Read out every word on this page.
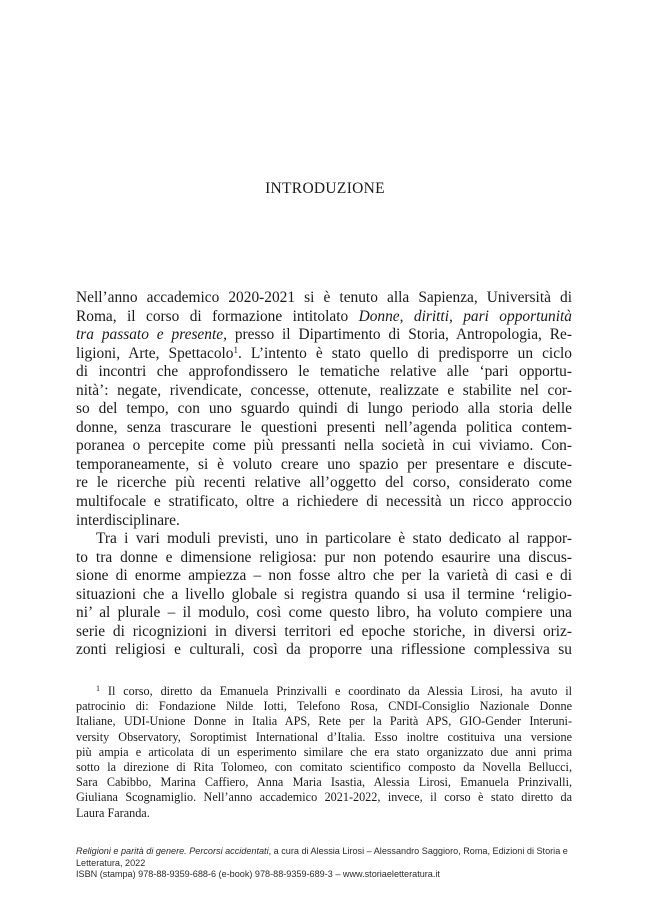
INTRODUZIONE
Nell’anno accademico 2020-2021 si è tenuto alla Sapienza, Università di
Roma, il corso di formazione intitolato Donne, diritti, pari opportunità
tra passato e presente, presso il Dipartimento di Storia, Antropologia, Re-
ligioni, Arte, Spettacolo$^1$. L’intento è stato quello di predisporre un ciclo
di incontri che approfondissero le tematiche relative alle ‘pari opportu-
nità’: negate, rivendicate, concesse, ottenute, realizzate e stabilite nel cor-
so del tempo, con uno sguardo quindi di lungo periodo alla storia delle
donne, senza trascurare le questioni presenti nell’agenda politica contem-
poranea o percepite come più pressanti nella società in cui viviamo. Con-
temporaneamente, si è voluto creare uno spazio per presentare e discute-
re le ricerche più recenti relative all’oggetto del corso, considerato come
multifocale e stratificato, oltre a richiedere di necessità un ricco approccio
interdisciplinare.
Tra i vari moduli previsti, uno in particolare è stato dedicato al rappor-
to tra donne e dimensione religiosa: pur non potendo esaurire una discus-
sione di enorme ampiezza – non fosse altro che per la varietà di casi e di
situazioni che a livello globale si registra quando si usa il termine ‘religio-
ni’ al plurale – il modulo, così come questo libro, ha voluto compiere una
serie di ricognizioni in diversi territori ed epoche storiche, in diversi oriz-
zonti religiosi e culturali, così da proporre una riflessione complessiva su
$^1$ Il corso, diretto da Emanuela Prinzivalli e coordinato da Alessia Lirosi, ha avuto il
patrocinio di: Fondazione Nilde Iotti, Telefono Rosa, CNDI-Consiglio Nazionale Donne
Italiane, UDI-Unione Donne in Italia APS, Rete per la Parità APS, GIO-Gender Interuni-
versity Observatory, Soroptimist International d’Italia. Esso inoltre costituiva una versione
più ampia e articolata di un esperimento similare che era stato organizzato due anni prima
sotto la direzione di Rita Tolomeo, con comitato scientifico composto da Novella Bellucci,
Sara Cabibbo, Marina Caffiero, Anna Maria Isastia, Alessia Lirosi, Emanuela Prinzivalli,
Giuliana Scognamiglio. Nell’anno accademico 2021-2022, invece, il corso è stato diretto da
Laura Faranda.
Religioni e parità di genere. Percorsi accidentati, a cura di Alessia Lirosi – Alessandro Saggioro, Roma, Edizioni di Storia e
Letteratura, 2022
ISBN (stampa) 978-88-9359-688-6 (e-book) 978-88-9359-689-3 – www.storiaeletteratura.it
